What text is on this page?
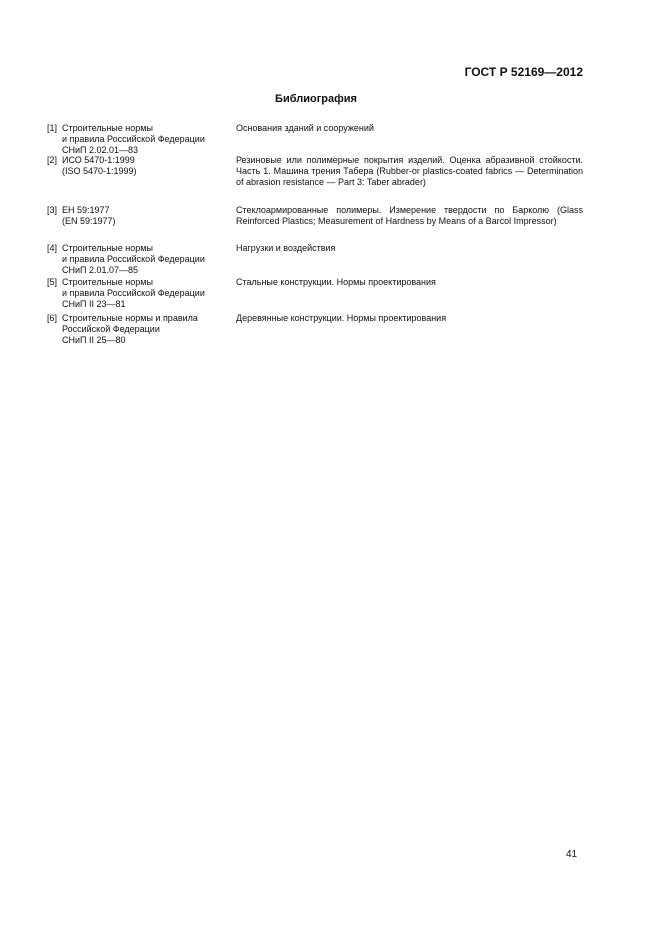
ГОСТ Р 52169—2012
Библиография
[1] Строительные нормы
и правила Российской Федерации
СНиП 2.02.01—83
Основания зданий и сооружений
[2] ИСО 5470-1:1999
(ISO 5470-1:1999)
Резиновые или полимерные покрытия изделий. Оценка абразивной стойкости. Часть 1. Машина трения Табера (Rubber-or plastics-coated fabrics — Determination of abrasion resistance — Part 3: Taber abrader)
[3] ЕН 59:1977
(EN 59:1977)
Стеклоармированные полимеры. Измерение твердости по Барколю (Glass Reinforced Plastics; Measurement of Hardness by Means of a Barcol Impressor)
[4] Строительные нормы
и правила Российской Федерации
СНиП 2.01.07—85
Нагрузки и воздействия
[5] Строительные нормы
и правила Российской Федерации
СНиП II 23—81
Стальные конструкции. Нормы проектирования
[6] Строительные нормы и правила
Российской Федерации
СНиП II 25—80
Деревянные конструкции. Нормы проектирования
41
